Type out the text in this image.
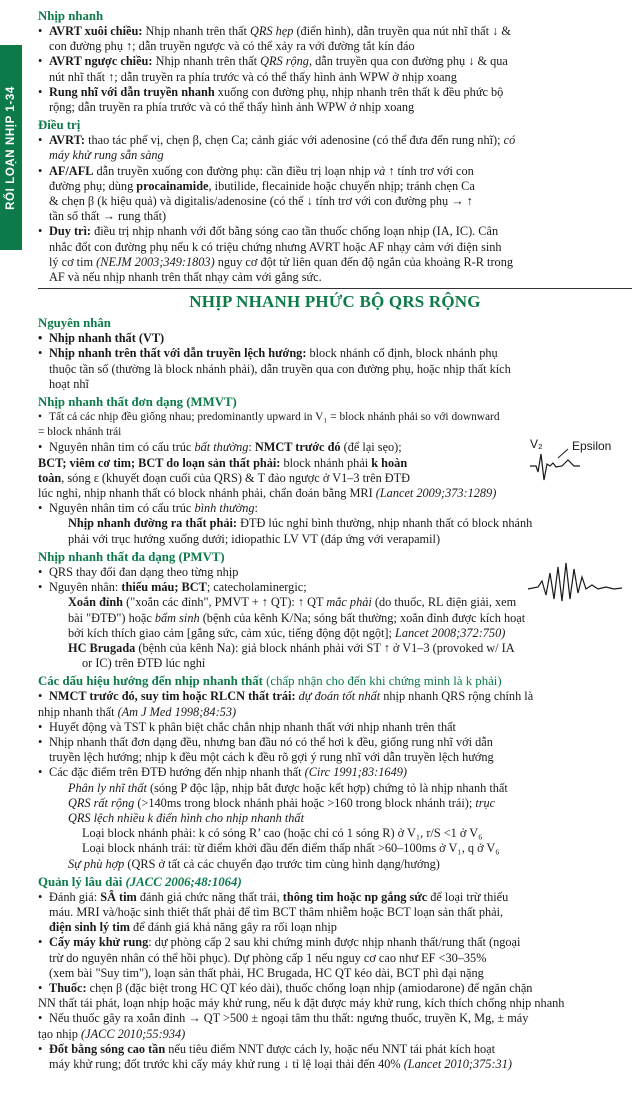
RỐI LOẠN NHỊP 1-34
Nhịp nhanh
• AVRT xuôi chiều: Nhịp nhanh trên thất QRS hẹp (điển hình), dẫn truyền qua nút nhĩ thất ↓ &
con đường phụ ↑; dẫn truyền ngược và có thể xảy ra với đường tắt kín đáo
• AVRT ngược chiều: Nhịp nhanh trên thất QRS rộng, dẫn truyền qua con đường phụ ↓ & qua
nút nhĩ thất ↑; dẫn truyền ra phía trước và có thể thấy hình ảnh WPW ở nhịp xoang
• Rung nhĩ với dẫn truyền nhanh xuống con đường phụ, nhịp nhanh trên thất k đều phức bộ
rộng; dẫn truyền ra phía trước và có thể thấy hình ảnh WPW ở nhịp xoang
Điều trị
• AVRT: thao tác phế vị, chẹn β, chẹn Ca; cảnh giác với adenosine (có thể đưa đến rung nhĩ); có
máy khử rung sẵn sàng
• AF/AFL dẫn truyền xuống con đường phụ: cần điều trị loạn nhịp và ↑ tính trơ với con
đường phụ; dùng procainamide, ibutilide, flecainide hoặc chuyển nhịp; tránh chẹn Ca
& chẹn β (k hiệu quả) và digitalis/adenosine (có thể ↓ tính trơ với con đường phụ → ↑
tần số thất → rung thất)
• Duy trì: điều trị nhịp nhanh với đốt bằng sóng cao tần thuốc chống loạn nhịp (IA, IC). Cân
nhắc đốt con đường phụ nếu k có triệu chứng nhưng AVRT hoặc AF nhạy cảm với điện sinh
lý cơ tim (NEJM 2003;349:1803) nguy cơ đột tử liên quan đến độ ngắn của khoảng R-R trong
AF và nếu nhịp nhanh trên thất nhạy cảm với gắng sức.
NHỊP NHANH PHỨC BỘ QRS RỘNG
Nguyên nhân
• Nhịp nhanh thất (VT)
• Nhịp nhanh trên thất với dẫn truyền lệch hướng: block nhánh cố định, block nhánh phụ
thuộc tần số (thường là block nhánh phải), dẫn truyền qua con đường phụ, hoặc nhịp thất kích
hoạt nhĩ
Nhịp nhanh thất đơn dạng (MMVT)
• Tất cả các nhịp đều giống nhau; predominantly upward in V₁ = block nhánh phải so với downward
= block nhánh trái
V₂ Epsilon
• Nguyên nhân tim có cấu trúc bất thường: NMCT trước đó (để lại sẹo);
BCT; viêm cơ tim; BCT do loạn sản thất phải: block nhánh phải k hoàn
toàn, sóng ε (khuyết đoạn cuối của QRS) & T đảo ngược ở V1–3 trên ĐTĐ
lúc nghỉ, nhịp nhanh thất có block nhánh phải, chẩn đoán bằng MRI (Lancet 2009;373:1289)
• Nguyên nhân tim có cấu trúc bình thường:
Nhịp nhanh đường ra thất phải: ĐTĐ lúc nghỉ bình thường, nhịp nhanh thất có block nhánh
phải với trục hướng xuống dưới; idiopathic LV VT (đáp ứng với verapamil)
Nhịp nhanh thất đa dạng (PMVT)
• QRS thay đổi đan dạng theo từng nhịp
• Nguyên nhân: thiếu máu; BCT; catecholaminergic;
Xoắn đỉnh ("xoắn các đỉnh", PMVT + ↑ QT): ↑ QT mắc phải (do thuốc, RL điện giải, xem
bài "ĐTĐ") hoặc bẩm sinh (bệnh của kênh K/Na; sóng bất thường; xoắn đỉnh được kích hoạt
bởi kích thích giao cảm [gắng sức, cảm xúc, tiếng động đột ngột]; Lancet 2008;372:750)
HC Brugada (bệnh của kênh Na): giả block nhánh phải với ST ↑ ở V1–3 (provoked w/ IA
or IC) trên ĐTĐ lúc nghỉ
Các dấu hiệu hướng đến nhịp nhanh thất (chấp nhận cho đến khi chứng minh là k phải)
• NMCT trước đó, suy tim hoặc RLCN thất trái: dự đoán tốt nhất nhịp nhanh QRS rộng chính là
nhịp nhanh thất (Am J Med 1998;84:53)
• Huyết động và TST k phân biệt chắc chắn nhịp nhanh thất với nhịp nhanh trên thất
• Nhịp nhanh thất đơn dạng đều, nhưng ban đầu nó có thể hơi k đều, giống rung nhĩ với dẫn
truyền lệch hướng; nhịp k đều một cách k đều rõ gợi ý rung nhĩ với dẫn truyền lệch hướng
• Các đặc điểm trên ĐTĐ hướng đến nhịp nhanh thất (Circ 1991;83:1649)
Phân ly nhĩ thất (sóng P độc lập, nhịp bắt được hoặc kết hợp) chứng tỏ là nhịp nhanh thất
QRS rất rộng (>140ms trong block nhánh phải hoặc >160 trong block nhánh trái); trục
QRS lệch nhiều k điển hình cho nhịp nhanh thất
Loại block nhánh phải: k có sóng R’ cao (hoặc chỉ có 1 sóng R) ở V₁, r/S <1 ở V₆
Loại block nhánh trái: từ điểm khởi đầu đến điểm thấp nhất >60–100ms ở V₁, q ở V₆
Sự phù hợp (QRS ở tất cả các chuyển đạo trước tim cùng hình dạng/hướng)
Quản lý lâu dài (JACC 2006;48:1064)
• Đánh giá: SÂ tim đánh giá chức năng thất trái, thông tim hoặc np gắng sức để loại trừ thiếu
máu. MRI và/hoặc sinh thiết thất phải để tìm BCT thâm nhiễm hoặc BCT loạn sản thất phải,
điện sinh lý tim để đánh giá khả năng gây ra rối loạn nhịp
• Cấy máy khử rung: dự phòng cấp 2 sau khi chứng minh được nhịp nhanh thất/rung thất (ngoại
trừ do nguyên nhân có thể hồi phục). Dự phòng cấp 1 nếu nguy cơ cao như EF <30–35%
(xem bài "Suy tim"), loạn sản thất phải, HC Brugada, HC QT kéo dài, BCT phì đại nặng
• Thuốc: chẹn β (đặc biệt trong HC QT kéo dài), thuốc chống loạn nhịp (amiodarone) để ngăn chặn
NN thất tái phát, loạn nhịp hoặc máy khử rung, nếu k đặt được máy khử rung, kích thích chống nhịp nhanh
• Nếu thuốc gây ra xoắn đỉnh → QT >500 ± ngoại tâm thu thất: ngưng thuốc, truyền K, Mg, ± máy
tạo nhịp (JACC 2010;55:934)
• Đốt bằng sóng cao tần nếu tiêu điểm NNT được cách ly, hoặc nếu NNT tái phát kích hoạt
máy khử rung; đốt trước khi cấy máy khử rung ↓ tỉ lệ loại thải đến 40% (Lancet 2010;375:31)
